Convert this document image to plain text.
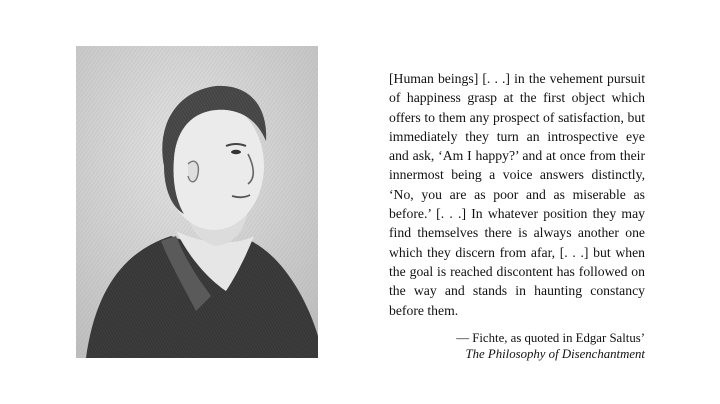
[Human beings] [. . .] in the vehement pursuit of happiness grasp at the first object which offers to them any prospect of satisfaction, but immediately they turn an introspective eye and ask, ‘Am I happy?’ and at once from their innermost being a voice answers distinctly, ‘No, you are as poor and as miserable as before.’ [. . .] In whatever position they may find themselves there is always another one which they discern from afar, [. . .] but when the goal is reached discontent has followed on the way and stands in haunting constancy before them.

— Fichte, as quoted in Edgar Saltus’
The Philosophy of Disenchantment
